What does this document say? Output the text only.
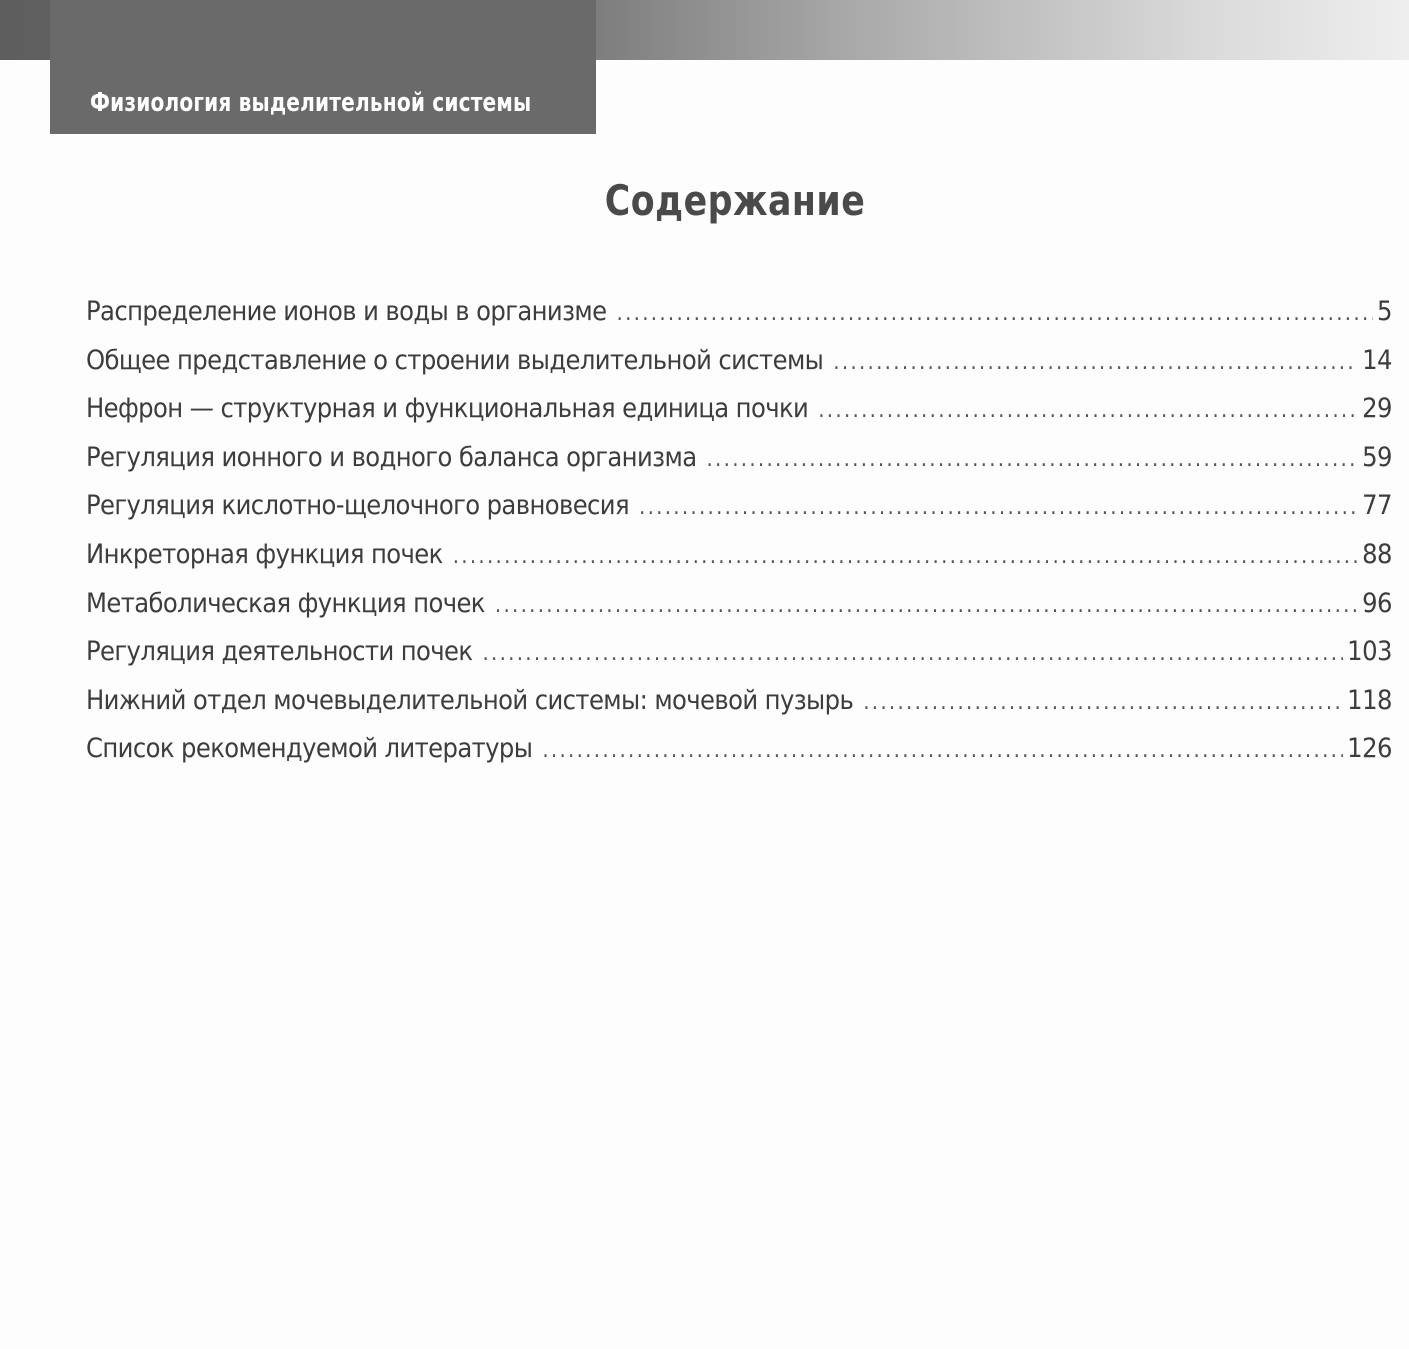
Физиология выделительной системы

Содержание
Распределение ионов и воды в организме . . .	5
Общее представление о строении выделительной системы . . .	14
Нефрон — структурная и функциональная единица почки . . .	29
Регуляция ионного и водного баланса организма . . .	59
Регуляция кислотно-щелочного равновесия . . .	77
Инкреторная функция почек . . .	88
Метаболическая функция почек . . .	96
Регуляция деятельности почек . . .	103
Нижний отдел мочевыделительной системы: мочевой пузырь . . .	118
Список рекомендуемой литературы . . .	126
